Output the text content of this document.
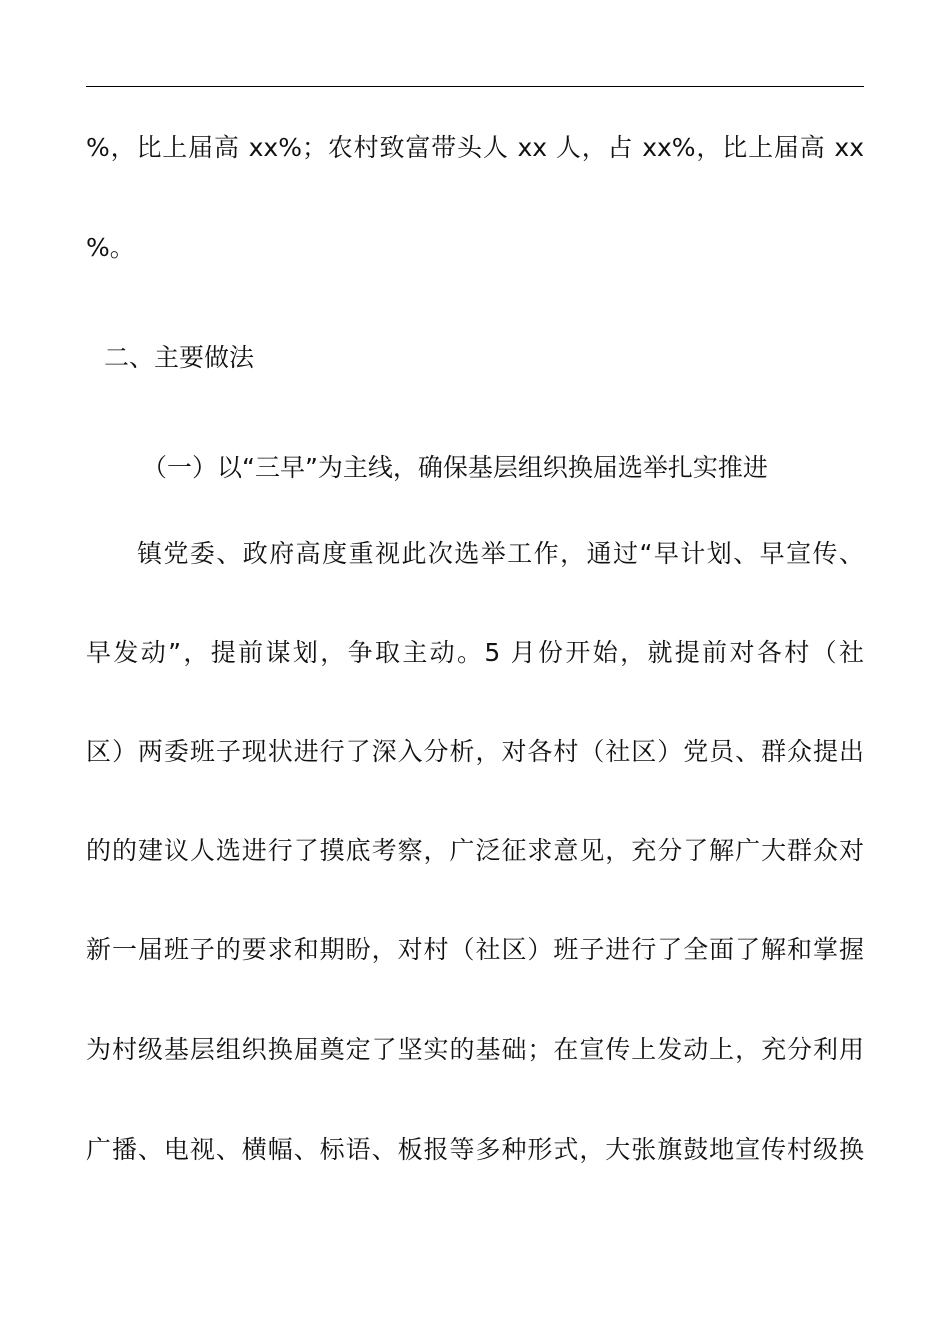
%，比上届高 xx%；农村致富带头人 xx 人，占 xx%，比上届高 xx
%。
二、主要做法
（一）以“三早”为主线，确保基层组织换届选举扎实推进
镇党委、政府高度重视此次选举工作，通过“早计划、早宣传、
早发动”，提前谋划，争取主动。5 月份开始，就提前对各村（社
区）两委班子现状进行了深入分析，对各村（社区）党员、群众提出
的的建议人选进行了摸底考察，广泛征求意见，充分了解广大群众对
新一届班子的要求和期盼，对村（社区）班子进行了全面了解和掌握
为村级基层组织换届奠定了坚实的基础；在宣传上发动上，充分利用
广播、电视、横幅、标语、板报等多种形式，大张旗鼓地宣传村级换
